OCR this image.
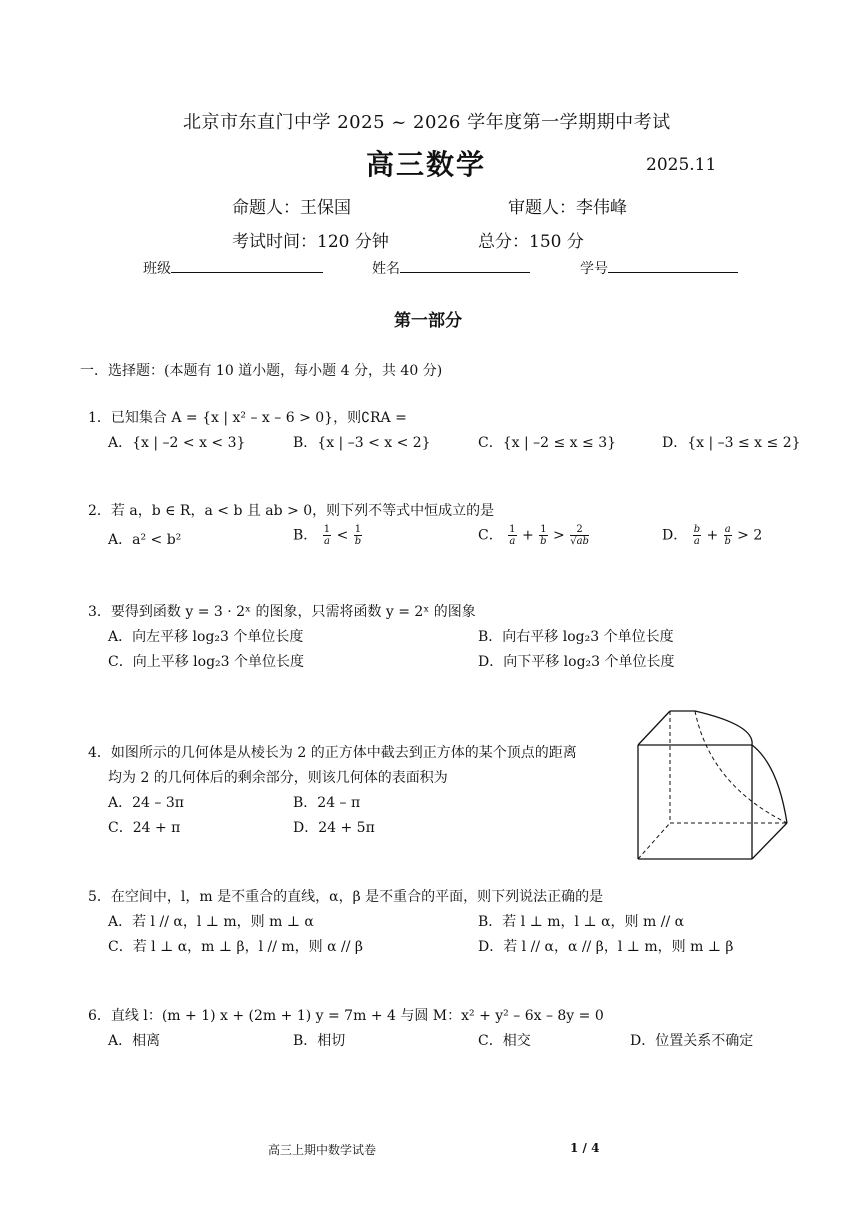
北京市东直门中学 2025 ~ 2026 学年度第一学期期中考试
高三数学	2025.11
命题人：王保国	审题人：李伟峰
考试时间：120 分钟	总分：150 分
班级	姓名	学号
第一部分
一．选择题：(本题有 10 道小题，每小题 4 分，共 40 分)
1．已知集合 A = {x | x² – x – 6 > 0}，则∁RA =
A．{x | –2 < x < 3}	B．{x | –3 < x < 2}	C．{x | –2 ≤ x ≤ 3}	D．{x | –3 ≤ x ≤ 2}
2．若 a，b ∈ R，a < b 且 ab > 0，则下列不等式中恒成立的是
A．a² < b²	B． $\frac{1}{a} < \frac{1}{b}$	C． $\frac{1}{a} + \frac{1}{b} > \frac{2}{√ab}$	D． $\frac{b}{a} + \frac{a}{b} > 2$
3．要得到函数 y = 3 · 2ˣ 的图象，只需将函数 y = 2ˣ 的图象
A．向左平移 log₂3 个单位长度	B．向右平移 log₂3 个单位长度
C．向上平移 log₂3 个单位长度	D．向下平移 log₂3 个单位长度
4．如图所示的几何体是从棱长为 2 的正方体中截去到正方体的某个顶点的距离
均为 2 的几何体后的剩余部分，则该几何体的表面积为
A．24 – 3π	B．24 – π
C．24 + π	D．24 + 5π
5．在空间中，l，m 是不重合的直线，α，β 是不重合的平面，则下列说法正确的是
A．若 l // α，l ⊥ m，则 m ⊥ α	B．若 l ⊥ m，l ⊥ α，则 m // α
C．若 l ⊥ α，m ⊥ β，l // m，则 α // β	D．若 l // α，α // β，l ⊥ m，则 m ⊥ β
6．直线 l：(m + 1) x + (2m + 1) y = 7m + 4 与圆 M：x² + y² – 6x – 8y = 0
A．相离	B．相切	C．相交	D．位置关系不确定
高三上期中数学试卷	1 / 4
